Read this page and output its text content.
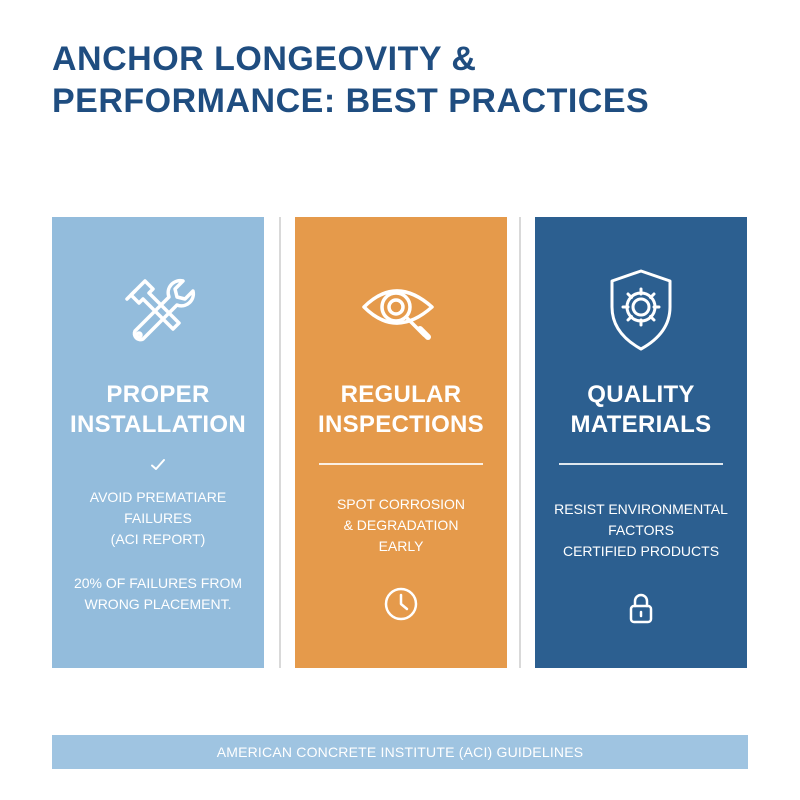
ANCHOR LONGEOVITY &
PERFORMANCE: BEST PRACTICES
PROPER
INSTALLATION
AVOID PREMATIARE
FAILURES
(ACI REPORT)
20% OF FAILURES FROM
WRONG PLACEMENT.
REGULAR
INSPECTIONS
SPOT CORROSION
& DEGRADATION
EARLY
QUALITY
MATERIALS
RESIST ENVIRONMENTAL
FACTORS
CERTIFIED PRODUCTS
AMERICAN CONCRETE INSTITUTE (ACI) GUIDELINES
